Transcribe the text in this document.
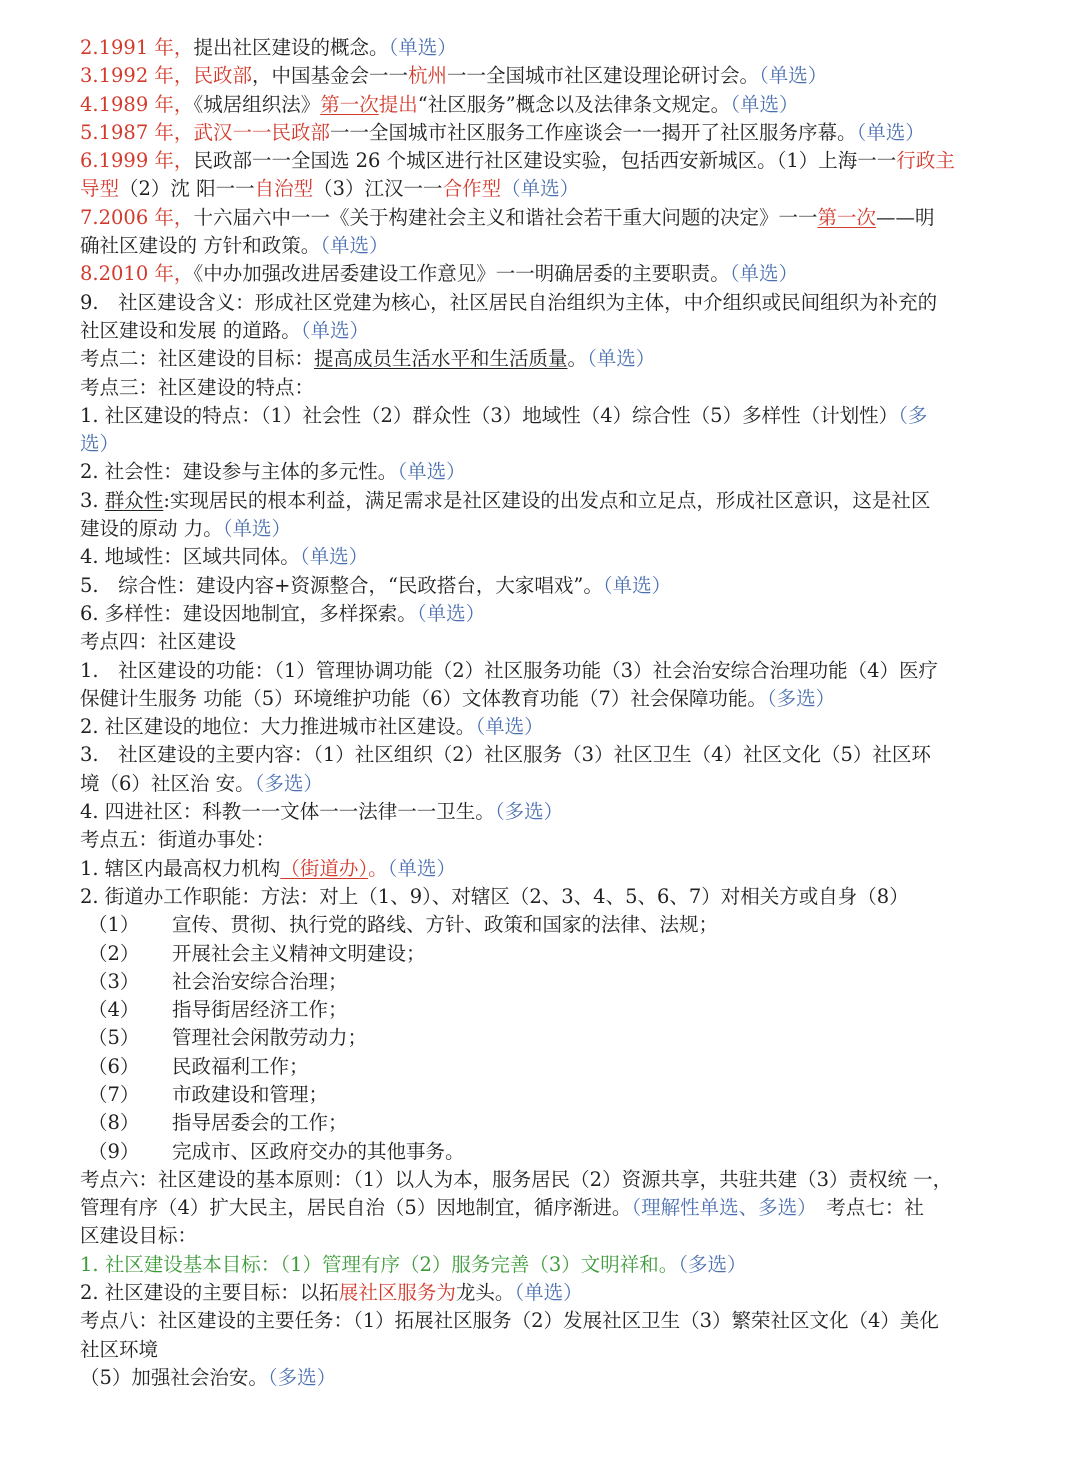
2.1991 年，提出社区建设的概念。（单选）
3.1992 年，民政部，中国基金会一一杭州一一全国城市社区建设理论研讨会。（单选）
4.1989 年，《城居组织法》第一次提出“社区服务”概念以及法律条文规定。（单选）
5.1987 年，武汉一一民政部一一全国城市社区服务工作座谈会一一揭开了社区服务序幕。（单选）
6.1999 年，民政部一一全国选 26 个城区进行社区建设实验，包括西安新城区。（1）上海一一行政主
导型（2）沈 阳一一自治型（3）江汉一一合作型（单选）
7.2006 年，十六届六中一一《关于构建社会主义和谐社会若干重大问题的决定》一一第一次——明
确社区建设的 方针和政策。（单选）
8.2010 年，《中办加强改进居委建设工作意见》一一明确居委的主要职责。（单选）
9.　社区建设含义：形成社区党建为核心，社区居民自治组织为主体，中介组织或民间组织为补充的
社区建设和发展 的道路。（单选）
考点二：社区建设的目标：提高成员生活水平和生活质量。（单选）
考点三：社区建设的特点：
1. 社区建设的特点：（1）社会性（2）群众性（3）地域性（4）综合性（5）多样性（计划性）（多
选）
2. 社会性：建设参与主体的多元性。（单选）
3. 群众性:实现居民的根本利益，满足需求是社区建设的出发点和立足点，形成社区意识，这是社区
建设的原动 力。（单选）
4. 地域性：区域共同体。（单选）
5.　综合性：建设内容+资源整合，“民政搭台，大家唱戏”。（单选）
6. 多样性：建设因地制宜，多样探索。（单选）
考点四：社区建设
1.　社区建设的功能：（1）管理协调功能（2）社区服务功能（3）社会治安综合治理功能（4）医疗
保健计生服务 功能（5）环境维护功能（6）文体教育功能（7）社会保障功能。（多选）
2. 社区建设的地位：大力推进城市社区建设。（单选）
3.　社区建设的主要内容：（1）社区组织（2）社区服务（3）社区卫生（4）社区文化（5）社区环
境（6）社区治 安。（多选）
4. 四进社区：科教一一文体一一法律一一卫生。（多选）
考点五：街道办事处：
1. 辖区内最高权力机构（街道办）。（单选）
2. 街道办工作职能：方法：对上（1、9）、对辖区（2、3、4、5、6、7）对相关方或自身（8）
（1） 宣传、贯彻、执行党的路线、方针、政策和国家的法律、法规；
（2） 开展社会主义精神文明建设；
（3） 社会治安综合治理；
（4） 指导街居经济工作；
（5） 管理社会闲散劳动力；
（6） 民政福利工作；
（7） 市政建设和管理；
（8） 指导居委会的工作；
（9） 完成市、区政府交办的其他事务。
考点六：社区建设的基本原则：（1）以人为本，服务居民（2）资源共享，共驻共建（3）责权统 一，
管理有序（4）扩大民主，居民自治（5）因地制宜，循序渐进。（理解性单选、多选）　考点七：社
区建设目标：
1. 社区建设基本目标：（1）管理有序（2）服务完善（3）文明祥和。（多选）
2. 社区建设的主要目标：以拓展社区服务为龙头。（单选）
考点八：社区建设的主要任务：（1）拓展社区服务（2）发展社区卫生（3）繁荣社区文化（4）美化
社区环境
（5）加强社会治安。（多选）
